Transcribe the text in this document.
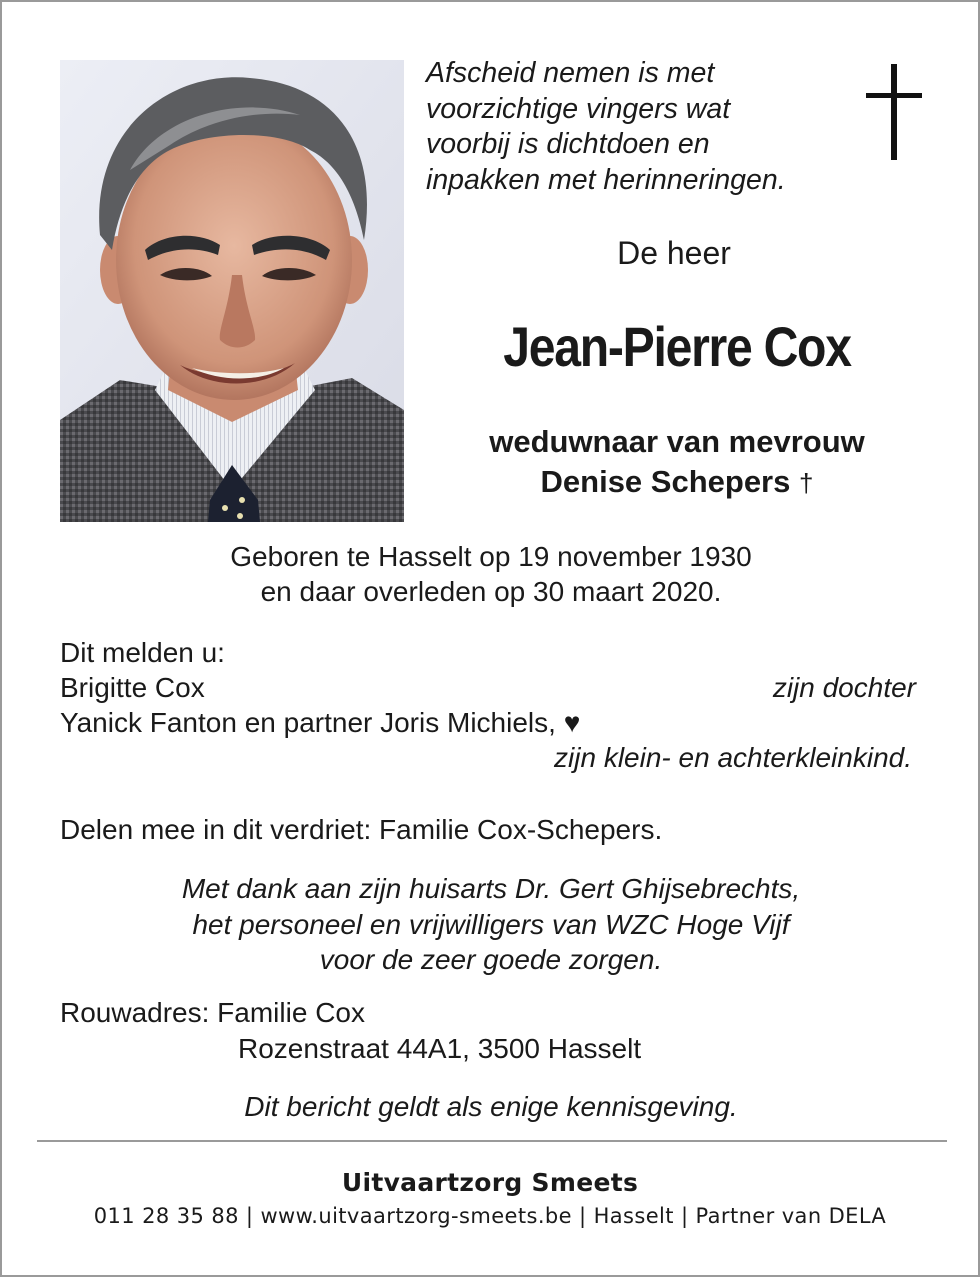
Afscheid nemen is met
voorzichtige vingers wat
voorbij is dichtdoen en
inpakken met herinneringen.
De heer
Jean-Pierre Cox
weduwnaar van mevrouw
Denise Schepers †
Geboren te Hasselt op 19 november 1930
en daar overleden op 30 maart 2020.
Dit melden u:
Brigitte Cox	zijn dochter
Yanick Fanton en partner Joris Michiels, ♥
zijn klein- en achterkleinkind.
Delen mee in dit verdriet: Familie Cox-Schepers.
Met dank aan zijn huisarts Dr. Gert Ghijsebrechts,
het personeel en vrijwilligers van WZC Hoge Vijf
voor de zeer goede zorgen.
Rouwadres: Familie Cox
Rozenstraat 44A1, 3500 Hasselt
Dit bericht geldt als enige kennisgeving.
Uitvaartzorg Smeets
011 28 35 88 | www.uitvaartzorg-smeets.be | Hasselt | Partner van DELA
